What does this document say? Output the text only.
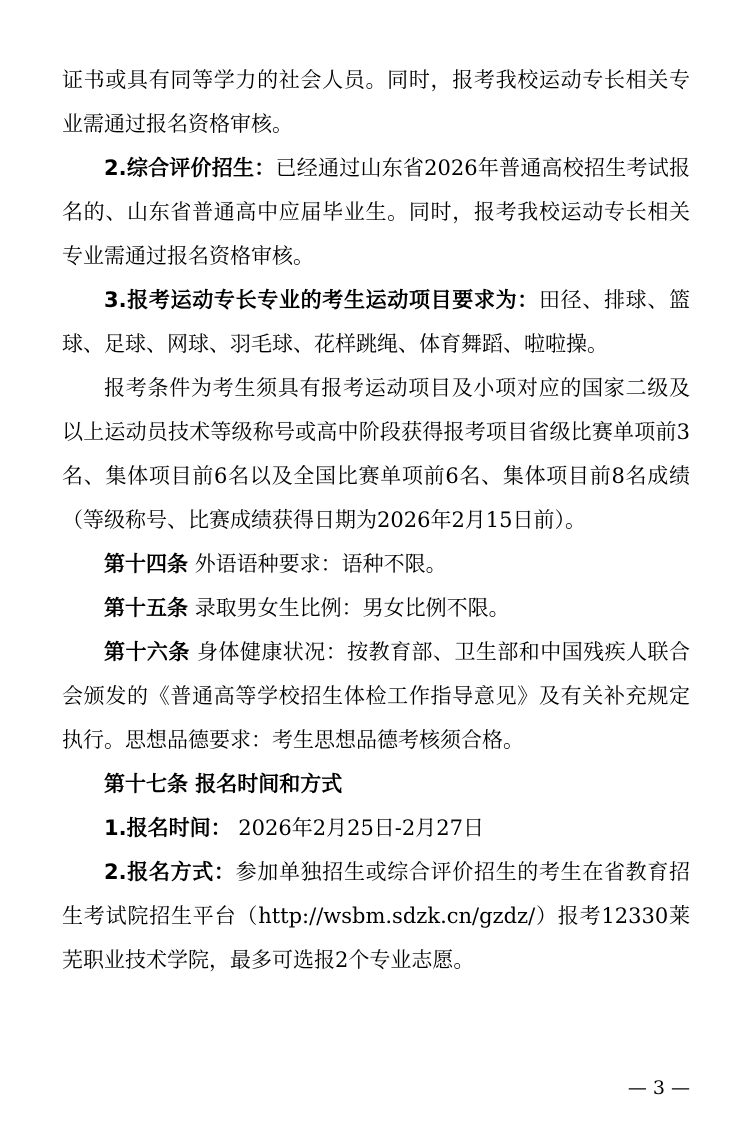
证书或具有同等学力的社会人员。同时，报考我校运动专长相关专业需通过报名资格审核。

2.综合评价招生：已经通过山东省2026年普通高校招生考试报名的、山东省普通高中应届毕业生。同时，报考我校运动专长相关专业需通过报名资格审核。

3.报考运动专长专业的考生运动项目要求为：田径、排球、篮球、足球、网球、羽毛球、花样跳绳、体育舞蹈、啦啦操。

报考条件为考生须具有报考运动项目及小项对应的国家二级及以上运动员技术等级称号或高中阶段获得报考项目省级比赛单项前3名、集体项目前6名以及全国比赛单项前6名、集体项目前8名成绩（等级称号、比赛成绩获得日期为2026年2月15日前）。

第十四条 外语语种要求：语种不限。

第十五条 录取男女生比例：男女比例不限。

第十六条 身体健康状况：按教育部、卫生部和中国残疾人联合会颁发的《普通高等学校招生体检工作指导意见》及有关补充规定执行。思想品德要求：考生思想品德考核须合格。

第十七条 报名时间和方式

1.报名时间： 2026年2月25日-2月27日

2.报名方式：参加单独招生或综合评价招生的考生在省教育招生考试院招生平台（http://wsbm.sdzk.cn/gzdz/）报考12330莱芜职业技术学院，最多可选报2个专业志愿。

— 3 —
